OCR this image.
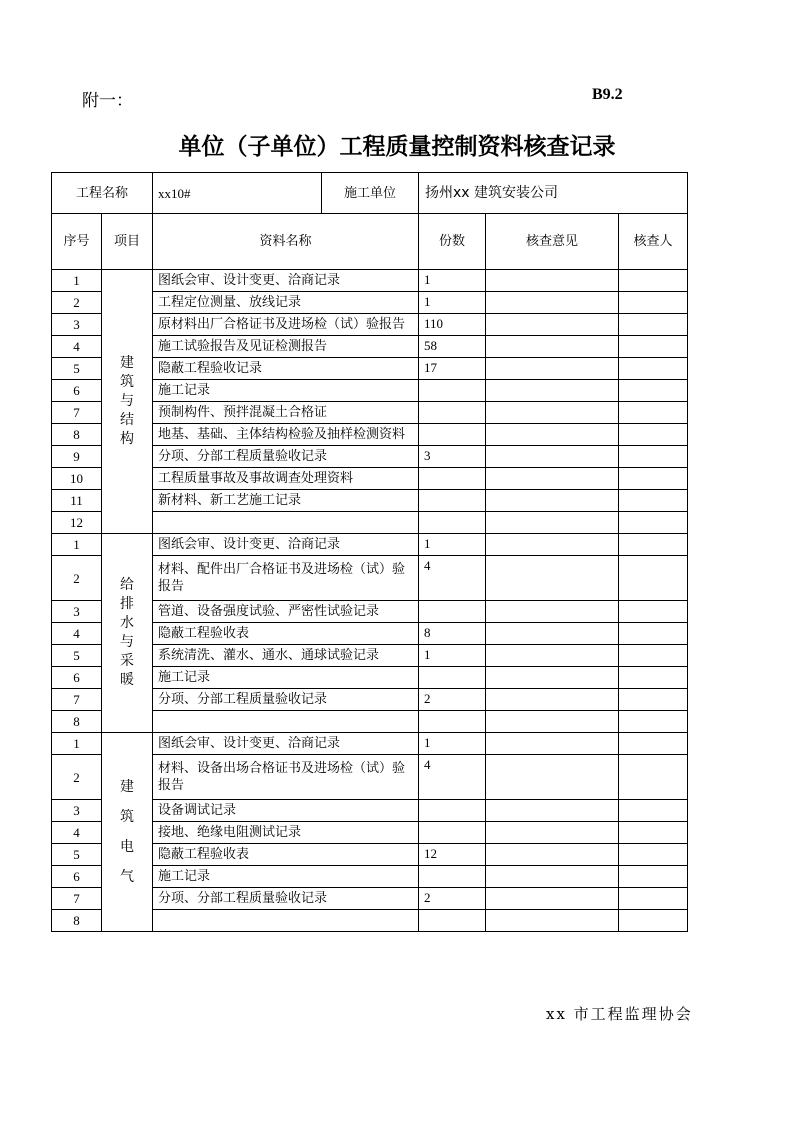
附一：	B9.2
单位（子单位）工程质量控制资料核查记录
工程名称		xx10# 施工单位	扬州xx 建筑安装公司		
序号	项目	资料名称	份数	核查意见	核查人
1	建筑与结构	图纸会审、设计变更、洽商记录	1		
2		工程定位测量、放线记录	1		
3		原材料出厂合格证书及进场检（试）验报告	110		
4		施工试验报告及见证检测报告	58		
5		隐蔽工程验收记录	17		
6		施工记录			
7		预制构件、预拌混凝土合格证			
8		地基、基础、主体结构检验及抽样检测资料			
9		分项、分部工程质量验收记录	3		
10		工程质量事故及事故调查处理资料			
11		新材料、新工艺施工记录			
12					
1	给排水与采暖	图纸会审、设计变更、洽商记录	1		
2		材料、配件出厂合格证书及进场检（试）验报告	4		
3		管道、设备强度试验、严密性试验记录			
4		隐蔽工程验收表	8		
5		系统清洗、灌水、通水、通球试验记录	1		
6		施工记录			
7		分项、分部工程质量验收记录	2		
8					
1	建筑电气	图纸会审、设计变更、洽商记录	1		
2		材料、设备出场合格证书及进场检（试）验报告	4		
3		设备调试记录			
4		接地、绝缘电阻测试记录			
5		隐蔽工程验收表	12		
6		施工记录			
7		分项、分部工程质量验收记录	2		
8					
xx 市工程监理协会
